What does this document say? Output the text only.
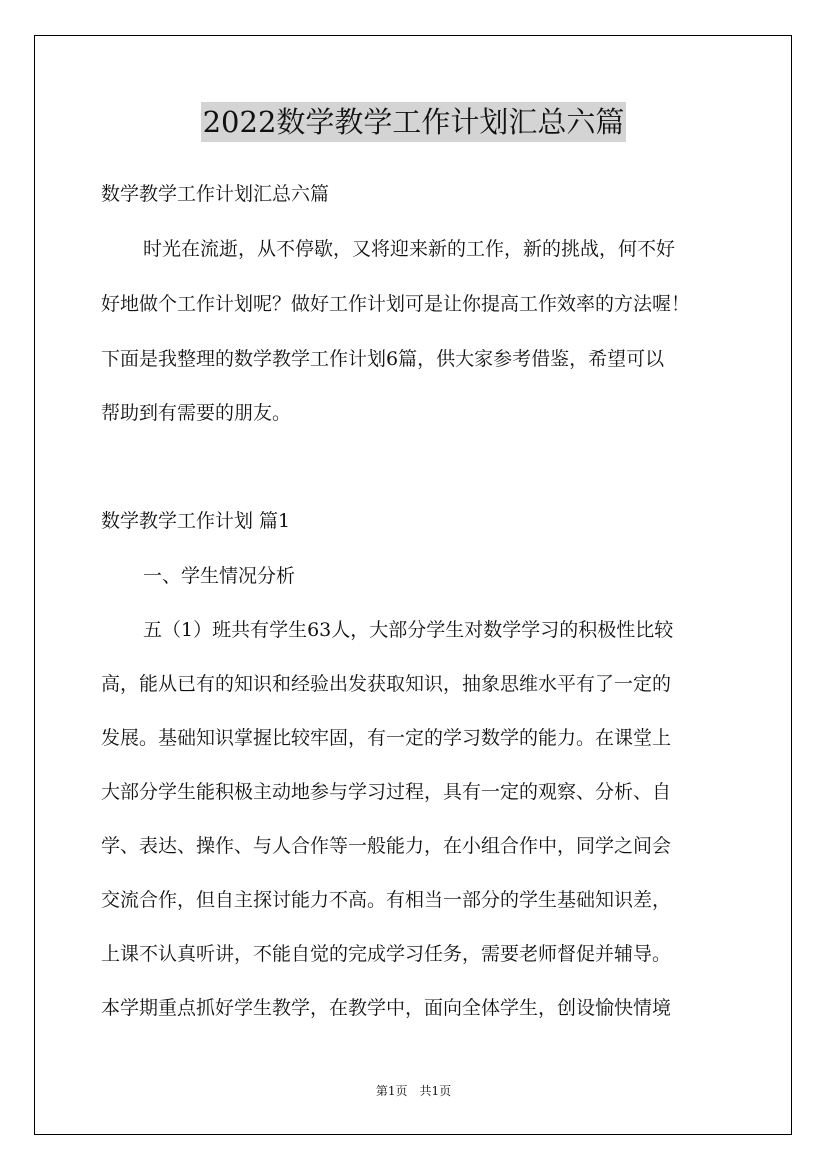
2022数学教学工作计划汇总六篇
数学教学工作计划汇总六篇
时光在流逝，从不停歇，又将迎来新的工作，新的挑战，何不好
好地做个工作计划呢？做好工作计划可是让你提高工作效率的方法喔！
下面是我整理的数学教学工作计划6篇，供大家参考借鉴，希望可以
帮助到有需要的朋友。
数学教学工作计划 篇1
一、学生情况分析
五（1）班共有学生63人，大部分学生对数学学习的积极性比较
高，能从已有的知识和经验出发获取知识，抽象思维水平有了一定的
发展。基础知识掌握比较牢固，有一定的学习数学的能力。在课堂上
大部分学生能积极主动地参与学习过程，具有一定的观察、分析、自
学、表达、操作、与人合作等一般能力，在小组合作中，同学之间会
交流合作，但自主探讨能力不高。有相当一部分的学生基础知识差，
上课不认真听讲，不能自觉的完成学习任务，需要老师督促并辅导。
本学期重点抓好学生教学，在教学中，面向全体学生，创设愉快情境
第1页　共1页
